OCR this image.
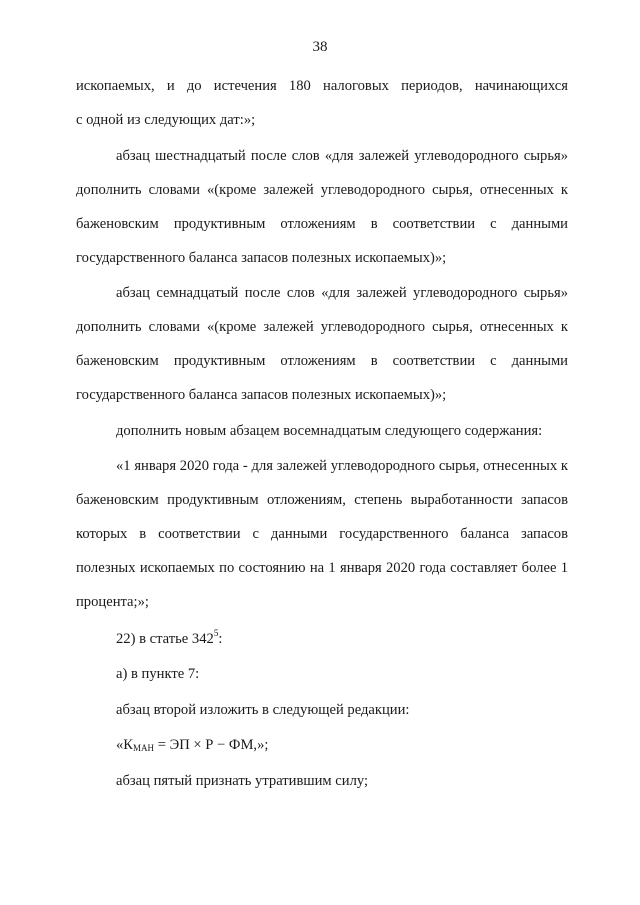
38
ископаемых, и до истечения 180 налоговых периодов, начинающихся
с одной из следующих дат:»;
абзац шестнадцатый после слов «для залежей углеводородного сырья» дополнить словами «(кроме залежей углеводородного сырья, отнесенных к баженовским продуктивным отложениям в соответствии с данными государственного баланса запасов полезных ископаемых)»;
абзац семнадцатый после слов «для залежей углеводородного сырья» дополнить словами «(кроме залежей углеводородного сырья, отнесенных к баженовским продуктивным отложениям в соответствии с данными государственного баланса запасов полезных ископаемых)»;
дополнить новым абзацем восемнадцатым следующего содержания:
«1 января 2020 года - для залежей углеводородного сырья, отнесенных к баженовским продуктивным отложениям, степень выработанности запасов которых в соответствии с данными государственного баланса запасов полезных ископаемых по состоянию на 1 января 2020 года составляет более 1 процента;»;
22) в статье $342^5$:
а) в пункте 7:
абзац второй изложить в следующей редакции:
«$К_{МАН}$ = ЭП × Р − ФМ,»;
абзац пятый признать утратившим силу;
